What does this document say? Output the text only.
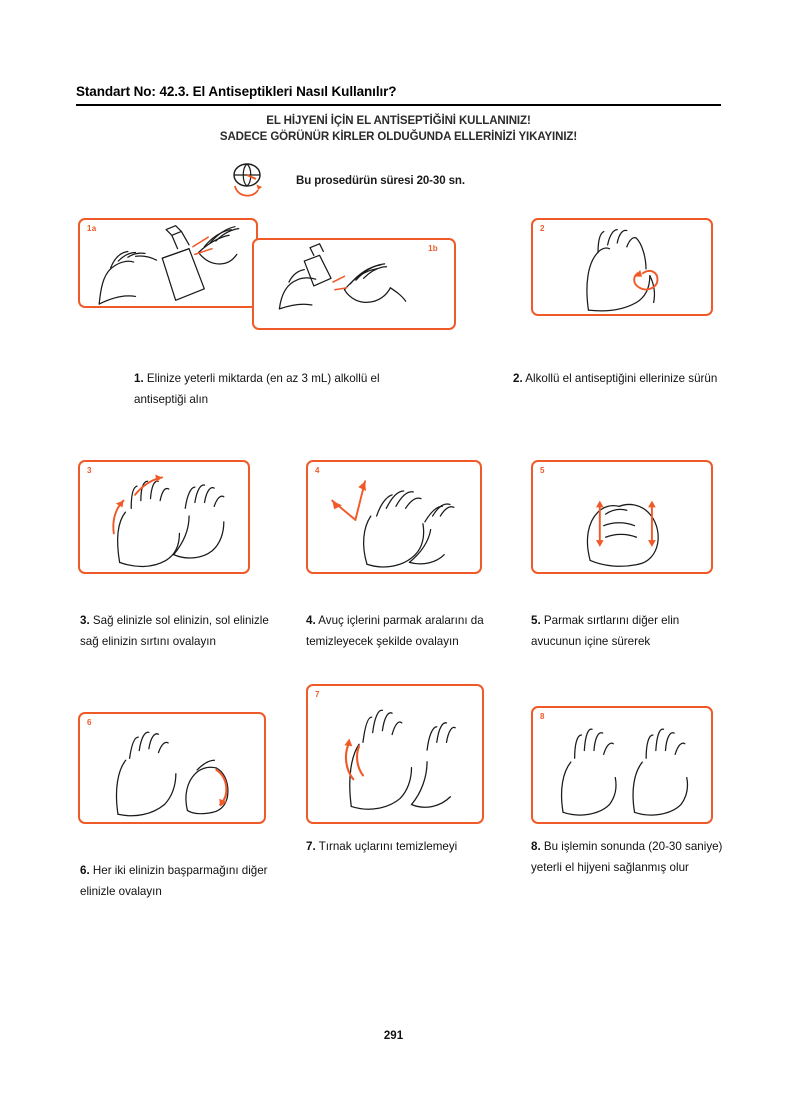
Standart No: 42.3. El Antiseptikleri Nasıl Kullanılır?
EL HİJYENİ İÇİN EL ANTİSEPTİĞİNİ KULLANINIZ!
SADECE GÖRÜNÜR KİRLER OLDUĞUNDA ELLERİNİZİ YIKAYINIZ!
Bu prosedürün süresi 20-30 sn.
1a
1b
2
1. Elinize yeterli miktarda (en az 3 mL) alkollü el antiseptiği alın
2. Alkollü el antiseptiğini ellerinize sürün
3	4	5
3. Sağ elinizle sol elinizin, sol elinizle sağ elinizin sırtını ovalayın
4. Avuç içlerini parmak aralarını da temizleyecek şekilde ovalayın
5. Parmak sırtlarını diğer elin avucunun içine sürerek
6
7
8
6. Her iki elinizin başparmağını diğer elinizle ovalayın
7. Tırnak uçlarını temizlemeyi	8. Bu işlemin sonunda (20-30 saniye) yeterli el hijyeni sağlanmış olur
291
